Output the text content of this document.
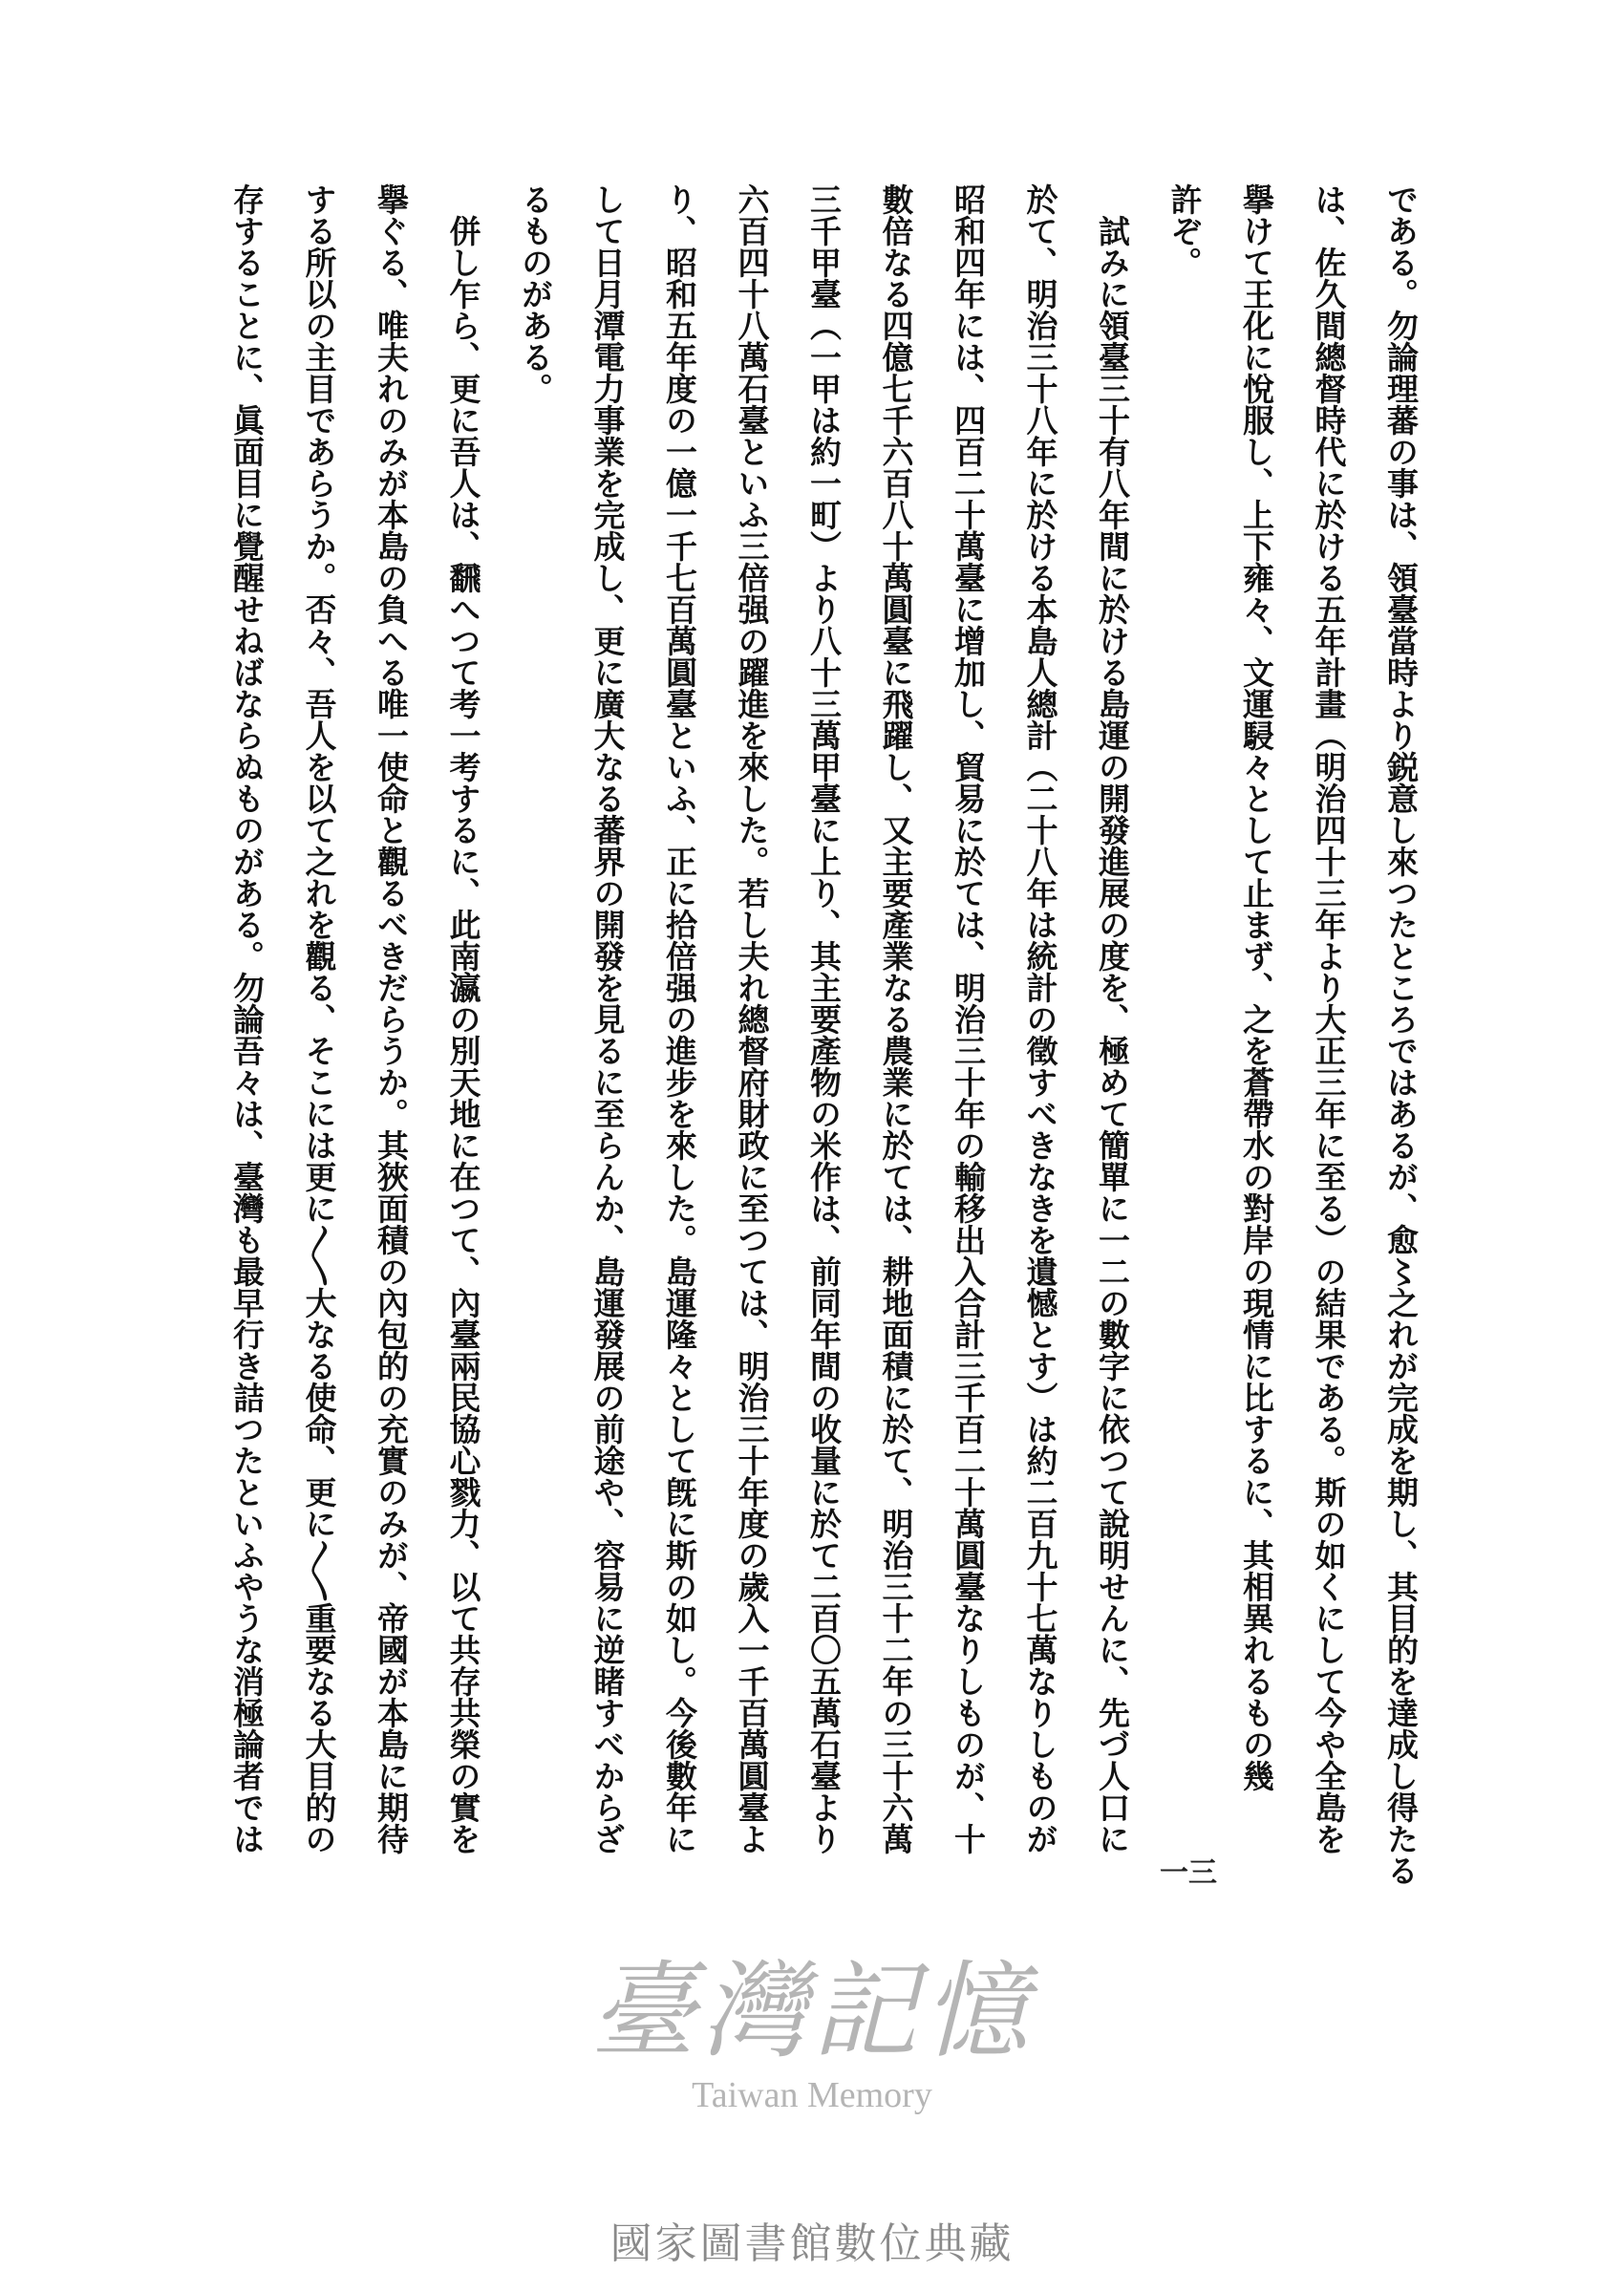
である。勿論理蕃の事は、領臺當時より鋭意し來つたところではあるが、愈〻之れが完成を期し、其目的を達成し得たる
は、佐久間總督時代に於ける五年計畫（明治四十三年より大正三年に至る）の結果である。斯の如くにして今や全島を
擧けて王化に悅服し、上下雍々、文運駸々として止まず、之を蒼帶水の對岸の現情に比するに、其相異れるもの幾
許ぞ。
試みに領臺三十有八年間に於ける島運の開發進展の度を、極めて簡單に一二の數字に依つて說明せんに、先づ人口に
於て、明治三十八年に於ける本島人總計（二十八年は統計の徵すべきなきを遺憾とす）は約二百九十七萬なりしものが
昭和四年には、四百二十萬臺に增加し、貿易に於ては、明治三十年の輸移出入合計三千百二十萬圓臺なりしものが、十
數倍なる四億七千六百八十萬圓臺に飛躍し、又主要產業なる農業に於ては、耕地面積に於て、明治三十二年の三十六萬
三千甲臺（一甲は約一町）より八十三萬甲臺に上り、其主要產物の米作は、前同年間の收量に於て二百〇五萬石臺より
六百四十八萬石臺といふ三倍强の躍進を來した。若し夫れ總督府財政に至つては、明治三十年度の歲入一千百萬圓臺よ
り、昭和五年度の一億一千七百萬圓臺といふ、正に拾倍强の進步を來した。島運隆々として旣に斯の如し。今後數年に
して日月潭電力事業を完成し、更に廣大なる蕃界の開發を見るに至らんか、島運發展の前途や、容易に逆睹すべからざ
るものがある。
併し乍ら、更に吾人は、飜へつて考一考するに、此南瀛の別天地に在つて、內臺兩民協心戮力、以て共存共榮の實を
擧ぐる、唯夫れのみが本島の負へる唯一使命と觀るべきだらうか。其狹面積の內包的の充實のみが、帝國が本島に期待
する所以の主目であらうか。否々、吾人を以て之れを觀る、そこには更に〱大なる使命、更に〱重要なる大目的の
存することに、眞面目に覺醒せねばならぬものがある。勿論吾々は、臺灣も最早行き詰つたといふやうな消極論者では
臺灣記憶
Taiwan Memory
一三
國家圖書館數位典藏
